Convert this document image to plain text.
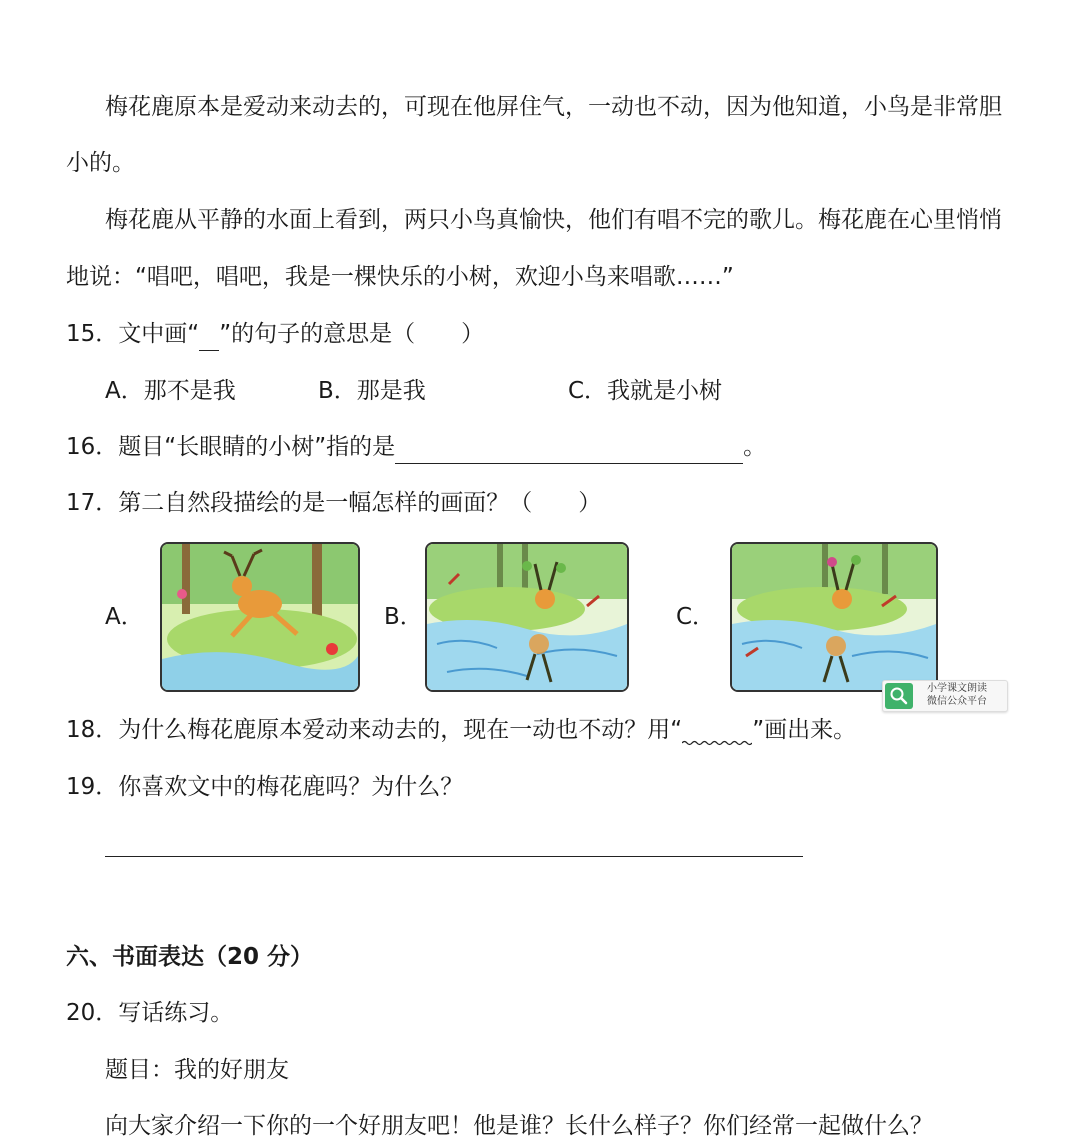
梅花鹿原本是爱动来动去的，可现在他屏住气，一动也不动，因为他知道，小鸟是非常胆
小的。
梅花鹿从平静的水面上看到，两只小鸟真愉快，他们有唱不完的歌儿。梅花鹿在心里悄悄
地说：“唱吧，唱吧，我是一棵快乐的小树，欢迎小鸟来唱歌……”
15．文中画“ ”的句子的意思是（　　）
A．那不是我	B．那是我	C．我就是小树
16．题目“长眼睛的小树”指的是	。
17．第二自然段描绘的是一幅怎样的画面？（　　）
A．	B．	C．
小学课文朗读
微信公众平台
18．为什么梅花鹿原本爱动来动去的，现在一动也不动？用“	”画出来。
19．你喜欢文中的梅花鹿吗？为什么？
六、书面表达（20 分）
20．写话练习。
题目：我的好朋友
向大家介绍一下你的一个好朋友吧！他是谁？长什么样子？你们经常一起做什么？
